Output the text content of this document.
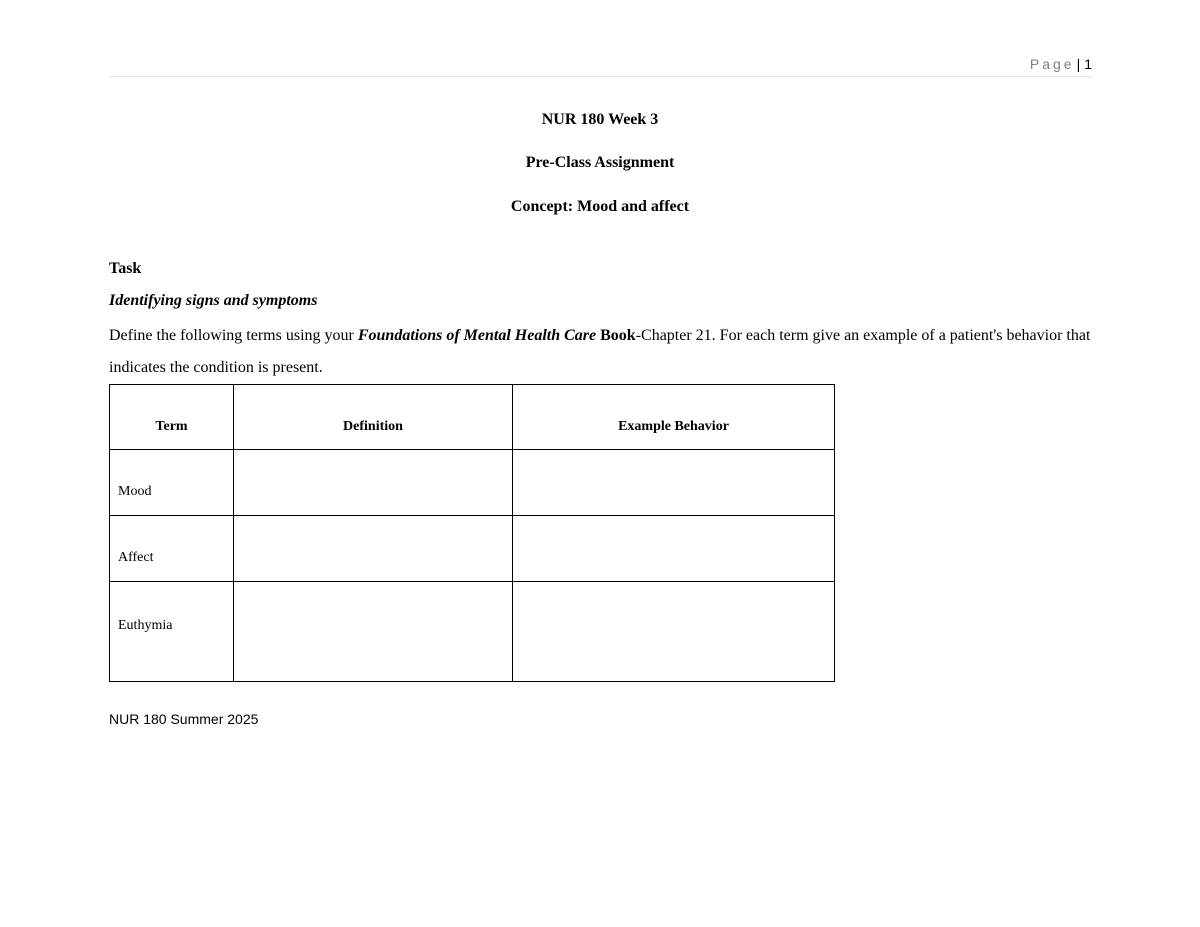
Page | 1
NUR 180 Week 3
Pre-Class Assignment
Concept: Mood and affect
Task
Identifying signs and symptoms
Define the following terms using your Foundations of Mental Health Care Book-Chapter 21. For each term give an example of a patient's behavior that indicates the condition is present.
Term	Definition	Example Behavior
Mood		
Affect		
Euthymia		
NUR 180 Summer 2025
